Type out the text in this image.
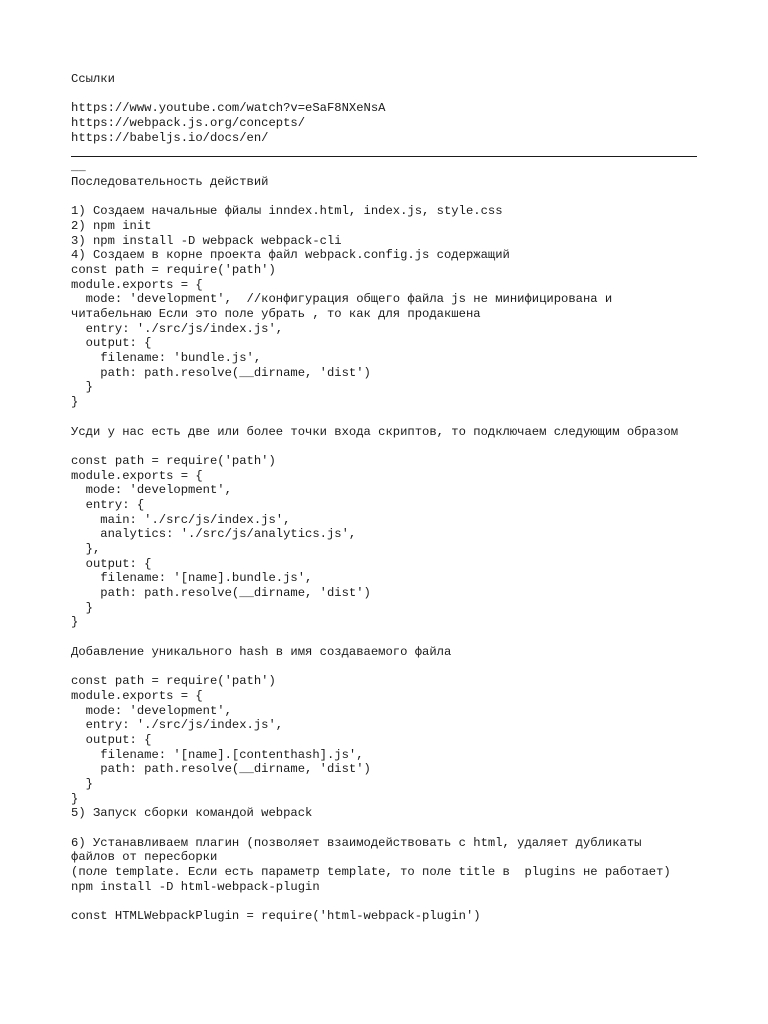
Ссылки
https://www.youtube.com/watch?v=eSaF8NXeNsA
https://webpack.js.org/concepts/
https://babeljs.io/docs/en/
__
Последовательность действий
1) Создаем начальные фйалы inndex.html, index.js, style.css
2) npm init
3) npm install -D webpack webpack-cli
4) Создаем в корне проекта файл webpack.config.js содержащий
const path = require('path')
module.exports = {
mode: 'development',  //конфигурация общего файла js не минифицирована и
читабельнаю Если это поле убрать , то как для продакшена
entry: './src/js/index.js',
output: {
filename: 'bundle.js',
path: path.resolve(__dirname, 'dist')
}
}
Усди у нас есть две или более точки входа скриптов, то подключаем следующим образом
const path = require('path')
module.exports = {
mode: 'development',
entry: {
main: './src/js/index.js',
analytics: './src/js/analytics.js',
},
output: {
filename: '[name].bundle.js',
path: path.resolve(__dirname, 'dist')
}
}
Добавление уникального hash в имя создаваемого файла
const path = require('path')
module.exports = {
mode: 'development',
entry: './src/js/index.js',
output: {
filename: '[name].[contenthash].js',
path: path.resolve(__dirname, 'dist')
}
}
5) Запуск сборки командой webpack
6) Устанавливаем плагин (позволяет взаимодействовать с html, удаляет дубликаты
файлов от пересборки
(поле template. Если есть параметр template, то поле title в  plugins не работает)
npm install -D html-webpack-plugin
const HTMLWebpackPlugin = require('html-webpack-plugin')
